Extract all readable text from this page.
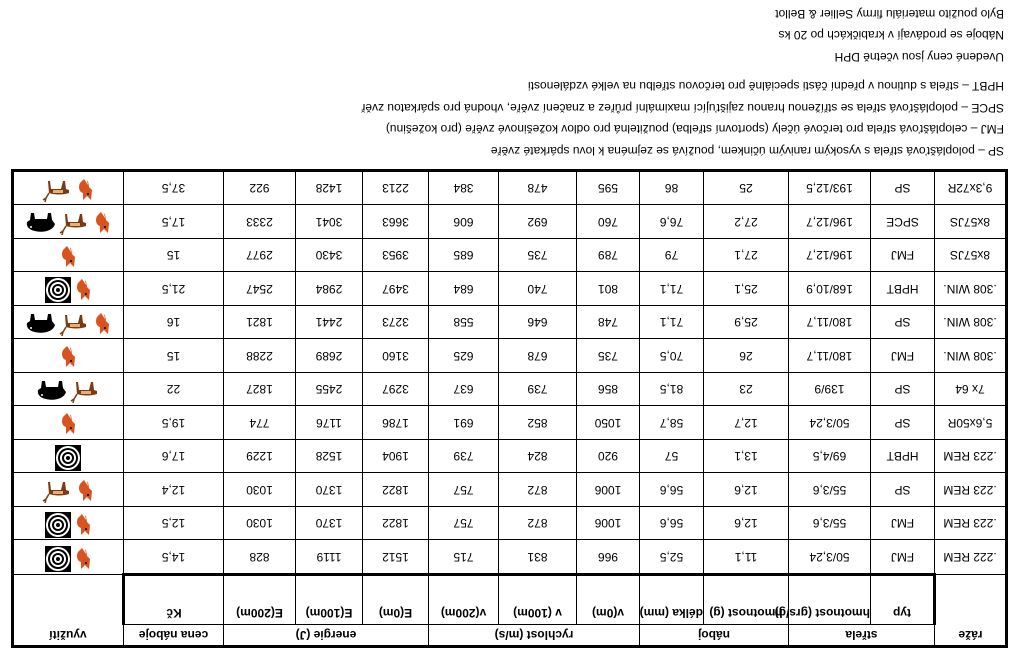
ráže	střela		náboj		rychlost (m/s)			energie (J)			cena náboje	využití
	typ	hmotnost (grs/g)	hmotnost (g)	délka (mm)	v(0m)	v (100m)	v(200m)	E(0m)	E(100m)	E(200m)	Kč	
.222 REM	FMJ	50/3,24	11,1	52,5	966	831	715	1512	1119	828	14,5	

.223 REM	FMJ	55/3,6	12,6	56,6	1006	872	757	1822	1370	1030	12,5	

.223 REM	SP	55/3,6	12,6	56,6	1006	872	757	1822	1370	1030	12,4	

.223 REM	HPBT	69/4,5	13,1	57	920	824	739	1904	1528	1229	17,6	

5,6x50R	SP	50/3,24	12,7	58,7	1050	852	691	1786	1176	774	19,5	

7x 64	SP	139/9	23	81,5	856	739	637	3297	2455	1827	22	

.308 WIN.	FMJ	180/11,7	26	70,5	735	678	625	3160	2689	2288	15	

.308 WIN.	SP	180/11,7	25,9	71,1	748	646	558	3273	2441	1821	16	

.308 WIN.	HPBT	168/10,9	25,1	71,1	801	740	684	3497	2984	2547	21,5	

8x57JS	FMJ	196/12,7	27,1	79	789	735	685	3953	3430	2977	15	

8x57JS	SPCE	196/12,7	27,2	76,6	760	692	606	3663	3041	2333	17,5	

9,3x72R	SP	193/12,5	25	86	595	478	384	2213	1428	922	37,5	
SP – poloplášťová střela s vysokým ranivým účinkem, používá se zejména k lovu spárkaté zvěře
FMJ – celoplášťová střela pro terčové účely (sportovní střelba) použitelná pro odlov kožešinové zvěře (pro kožešinu)
SPCE – poloplášťová střela se stříženou hranou zajišťující maximální průřez a značení zvěře, vhodná pro spárkatou zvěř
HPBT – střela s dutinou v přední části speciálně pro terčovou střelbu na velké vzdálenosti
Uvedené ceny jsou včetně DPH
Náboje se prodávají v krabičkách po 20 ks
Bylo použito materiálu firmy Sellier & Bellot
